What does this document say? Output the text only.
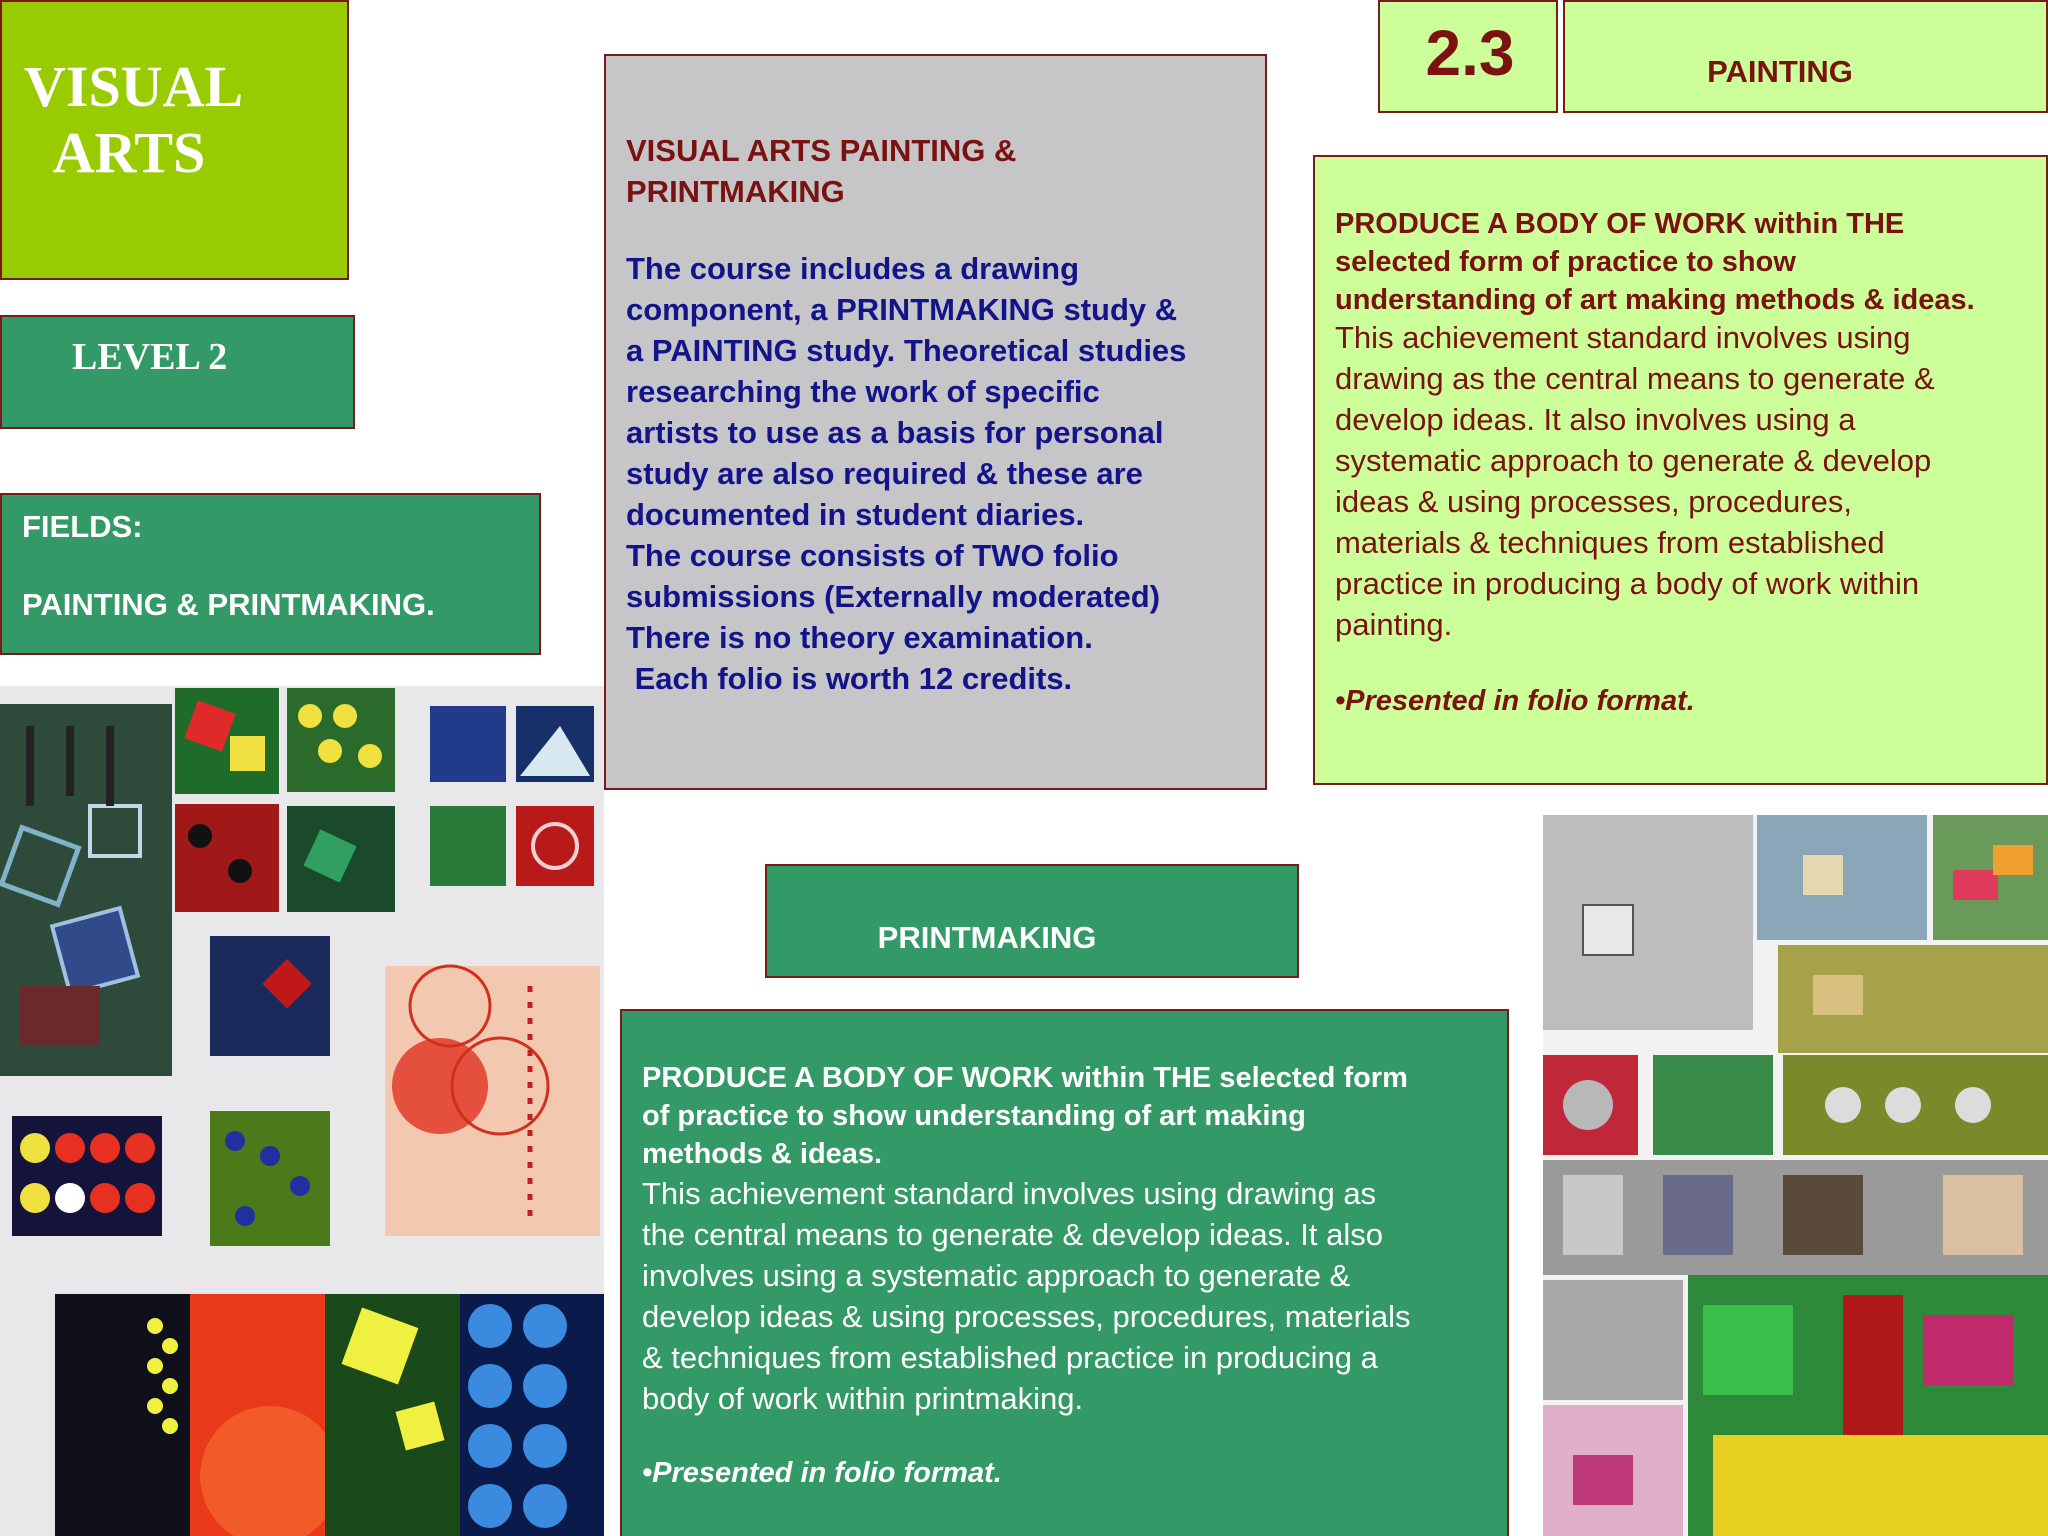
VISUAL
ARTS
LEVEL 2
FIELDS:
PAINTING & PRINTMAKING.
VISUAL ARTS PAINTING &
PRINTMAKING
The course includes a drawing
component, a PRINTMAKING study &
a PAINTING study. Theoretical studies
researching the work of specific
artists to use as a basis for personal
study are also required & these are
documented in student diaries.
The course consists of TWO folio
submissions (Externally moderated)
There is no theory examination.
Each folio is worth 12 credits.
2.3	PAINTING
PRODUCE A BODY OF WORK within THE
selected form of practice to show
understanding of art making methods & ideas.
This achievement standard involves using
drawing as the central means to generate &
develop ideas. It also involves using a
systematic approach to generate & develop
ideas & using processes, procedures,
materials & techniques from established
practice in producing a body of work within
painting.
•Presented in folio format.
PRINTMAKING
PRODUCE A BODY OF WORK within THE selected form
of practice to show understanding of art making
methods & ideas.
This achievement standard involves using drawing as
the central means to generate & develop ideas. It also
involves using a systematic approach to generate &
develop ideas & using processes, procedures, materials
& techniques from established practice in producing a
body of work within printmaking.
•Presented in folio format.
